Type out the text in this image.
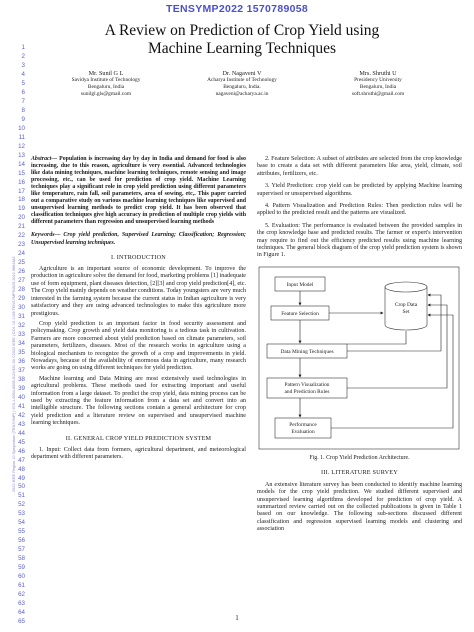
TENSYMP2022 1570789058
2022 IEEE Region 10 Symposium (TENSYMP) | 978-1-6654-6658-5/22/$31.00 ©2022 IEEE | DOI: 10.1109/TENSYMP54529.2022.9864482
1
2
3
4
5
6
7
8
9
10
11
12
13
14
15
16
17
18
19
20
21
22
23
24
25
26
27
28
29
30
31
32
33
34
35
36
37
38
39
40
41
42
43
44
45
46
47
48
49
50
51
52
53
54
55
56
57
58
59
60
61
62
63
64
65
A Review on Prediction of Crop Yield using
Machine Learning Techniques
Mr. Sunil G L
Savidya Institute of Technology
Bengaluru, India
sunilgl.gls@gmail.com
Dr. Nagaveni V
Acharya Institute of Technology
Bengaluru, India.
nagaveni@acharya.ac.in
Mrs. Shruthi U
Presidency University
Bengaluru, India
soft.shruthi@gmail.com

Abstract— Population is increasing day by day in India and demand for food is also increasing, due to this reason, agriculture is very essential. Advanced technologies like data mining techniques, machine learning techniques, remote sensing and image processing, etc., can be used for prediction of crop yield. Machine Learning techniques play a significant role in crop yield prediction using different parameters like temperature, rain fall, soil parameters, area of sowing, etc,. This paper carried out a comparative study on various machine learning techniques like supervised and unsupervised learning methods to predict crop yield. It has been observed that classification techniques give high accuracy in prediction of multiple crop yields with different parameters than regression and unsupervised learning methods

Keywords— Crop yield prediction, Supervised Learning; Classification; Regression; Unsupervised learning techniques.

I. INTRODUCTION

Agriculture is an important source of economic development. To improve the production in agriculture solve the demand for food, marketing problems [1] inadequate use of form equipment, plant diseases detection, [2][3] and crop yield prediction[4], etc. The Crop yield mainly depends on weather conditions. Today youngsters are very much interested in the farming system because the current status in Indian agriculture is very satisfactory and they are using advanced technologies to make this agriculture more prestigious.

Crop yield prediction is an important factor in food security assessment and policymaking. Crop growth and yield data monitoring is a tedious task in cultivation. Farmers are more concerned about yield prediction based on climate parameters, soil parameters, fertilizers, diseases. Most of the research works in agriculture using a biological mechanism to recognize the growth of a crop and improvements in yield. Nowadays, because of the availability of enormous data in agriculture, many research works are going on using different techniques for yield prediction.

Machine learning and Data Mining are most extensively used technologies in agricultural problems. These methods used for extracting important and useful information from a large dataset. To predict the crop yield, data mining process can be used by extracting the feature information from a data set and convert into an intelligible structure. The following sections contain a general architecture for crop yield prediction and a literature review on supervised and unsupervised machine learning techniques.

II. GENERAL CROP YIELD PREDICTION SYSTEM

1. Input: Collect data from formers, agricultural department, and meteorological department with different parameters.

2. Feature Selection: A subset of attributes are selected from the crop knowledge base to create a data set with different parameters like area, yield, climate, soil attributes, fertilizers, etc.

3. Yield Prediction: crop yield can be predicted by applying Machine learning supervised or unsupervised algorithms.

4. Pattern Visualization and Prediction Rules: Then prediction rules will be applied to the predicted result and the patterns are visualized.

5. Evaluation: The performance is evaluated between the provided samples in the crop knowledge base and predicted results. The farmer or expert's intervention may require to find out the efficiency predicted results using machine learning techniques. The general block diagram of the crop yield prediction system is shown in Figure 1.

Input Model
Feature Selection
Crop Data
Set
Data Mining Techniques
Pattern Visualization
and Prediction Rules
Performance
Evaluation
Fig. 1. Crop Yield Prediction Architecture.
III. LITERATURE SURVEY

An extensive literature survey has been conducted to identify machine learning models for the crop yield prediction. We studied different supervised and unsupervised learning algorithms developed for prediction of crop yield. A summarized review carried out on the collected publications is given in Table 1 based on our knowledge. The following sub-sections discussed different classification and regression supervised learning models and clustering and association

1
